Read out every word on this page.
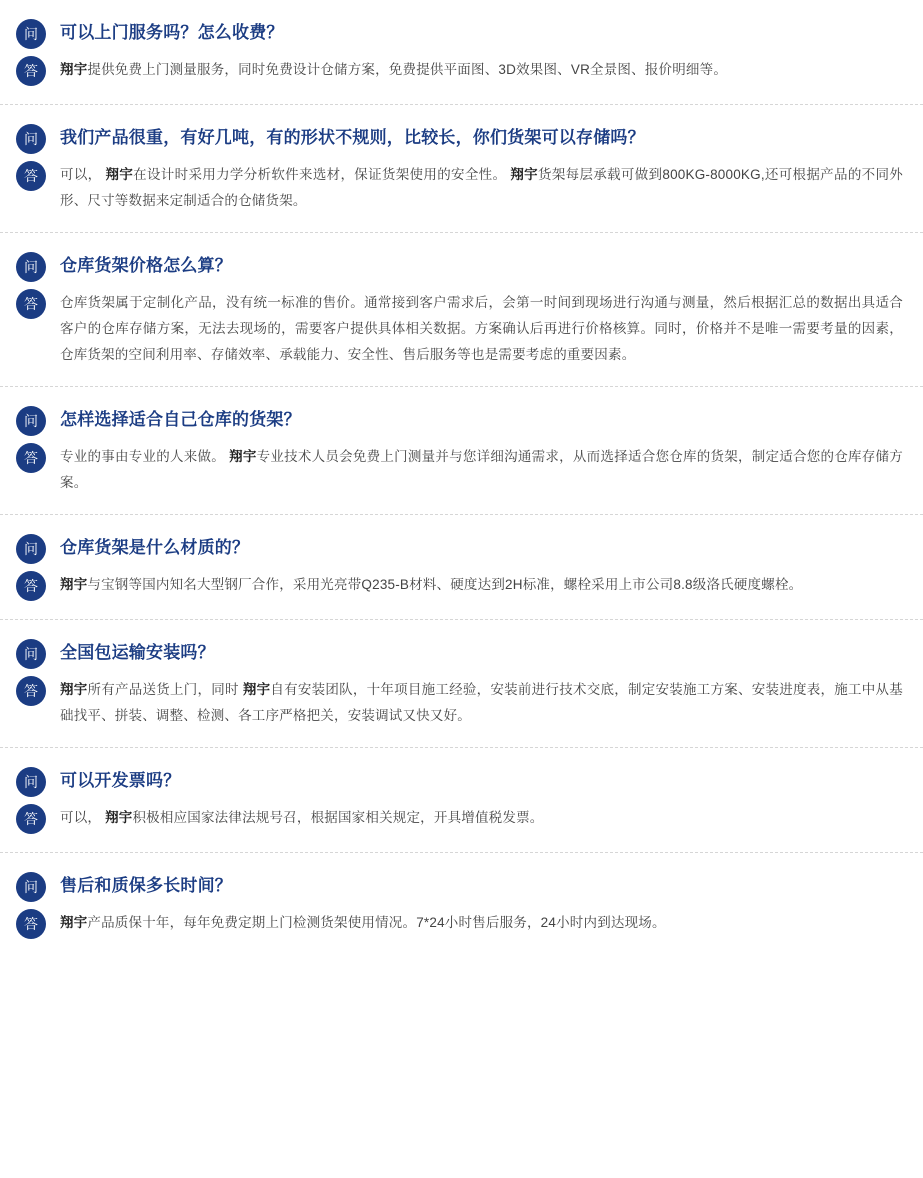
问	可以上门服务吗？怎么收费？
答	翔宇提供免费上门测量服务，同时免费设计仓储方案，免费提供平面图、3D效果图、VR全景图、报价明细等。
问	我们产品很重，有好几吨，有的形状不规则，比较长，你们货架可以存储吗？
答	可以， 翔宇在设计时采用力学分析软件来选材，保证货架使用的安全性。 翔宇货架每层承载可做到800KG-8000KG,还可根据产品的不同外形、尺寸等数据来定制适合的仓储货架。
问	仓库货架价格怎么算？
答	仓库货架属于定制化产品，没有统一标准的售价。通常接到客户需求后，会第一时间到现场进行沟通与测量，然后根据汇总的数据出具适合客户的仓库存储方案，无法去现场的，需要客户提供具体相关数据。方案确认后再进行价格核算。同时，价格并不是唯一需要考量的因素，仓库货架的空间利用率、存储效率、承载能力、安全性、售后服务等也是需要考虑的重要因素。
问	怎样选择适合自己仓库的货架？
答	专业的事由专业的人来做。 翔宇专业技术人员会免费上门测量并与您详细沟通需求，从而选择适合您仓库的货架，制定适合您的仓库存储方案。
问	仓库货架是什么材质的？
答	翔宇与宝钢等国内知名大型钢厂合作，采用光亮带Q235-B材料、硬度达到2H标准，螺栓采用上市公司8.8级洛氏硬度螺栓。
问	全国包运输安装吗？
答	翔宇所有产品送货上门，同时 翔宇自有安装团队，十年项目施工经验，安装前进行技术交底，制定安装施工方案、安装进度表，施工中从基础找平、拼装、调整、检测、各工序严格把关，安装调试又快又好。
问	可以开发票吗？
答	可以， 翔宇积极相应国家法律法规号召，根据国家相关规定，开具增值税发票。
问	售后和质保多长时间？
答	翔宇产品质保十年，每年免费定期上门检测货架使用情况。7*24小时售后服务，24小时内到达现场。
